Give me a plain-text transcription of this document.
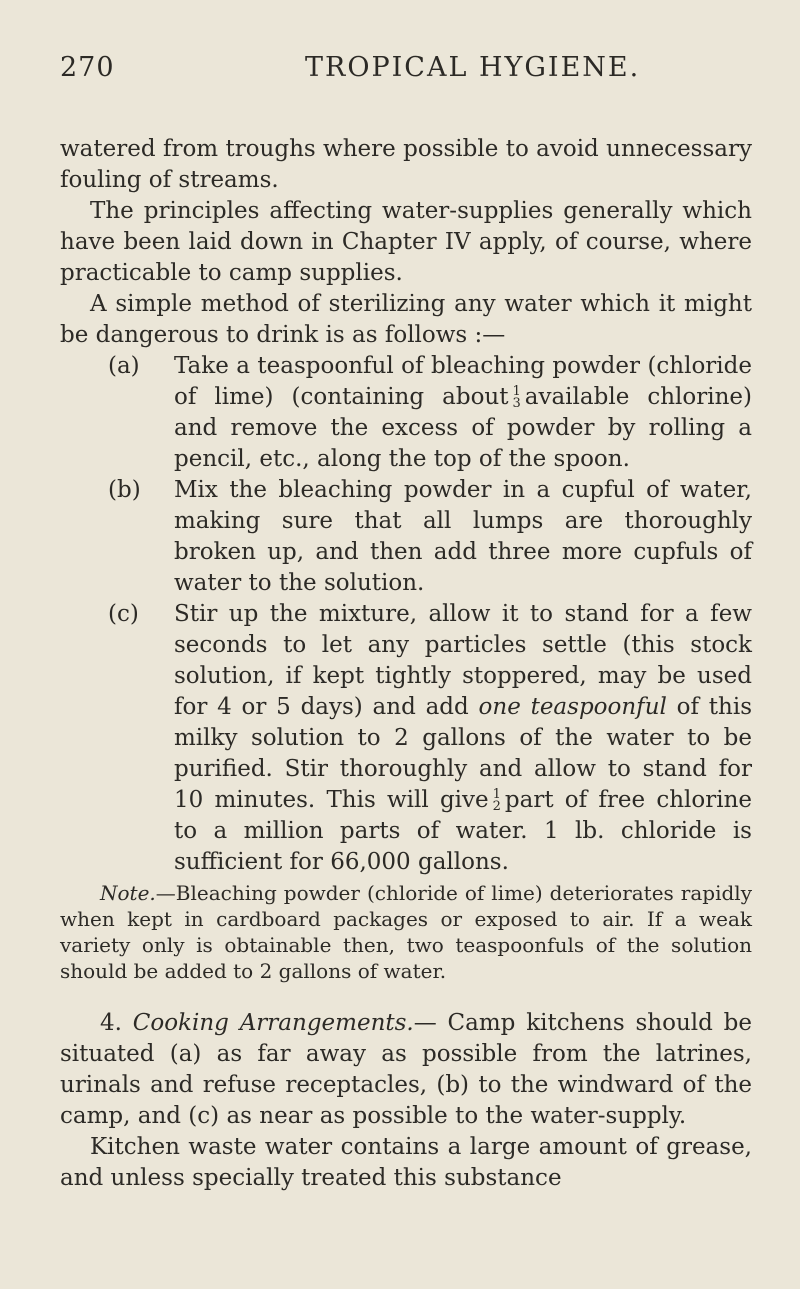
270	TROPICAL HYGIENE.

watered from troughs where possible to avoid unnecessary fouling of streams.

The principles affecting water-supplies generally which have been laid down in Chapter IV apply, of course, where practicable to camp supplies.

A simple method of sterilizing any water which it might be dangerous to drink is as follows :—

(a) Take a teaspoonful of bleaching powder (chloride of lime) (containing about 1
3 available chlorine) and remove the excess of powder by rolling a pencil, etc., along the top of the spoon.
(b) Mix the bleaching powder in a cupful of water, making sure that all lumps are thoroughly broken up, and then add three more cupfuls of water to the solution.
(c) Stir up the mixture, allow it to stand for a few seconds to let any particles settle (this stock solution, if kept tightly stoppered, may be used for 4 or 5 days) and add one teaspoonful of this milky solution to 2 gallons of the water to be purified. Stir thoroughly and allow to stand for 10 minutes. This will give 1
2 part of free chlorine to a million parts of water. 1 lb. chloride is sufficient for 66,000 gallons.

Note.—Bleaching powder (chloride of lime) deteriorates rapidly when kept in cardboard packages or exposed to air. If a weak variety only is obtainable then, two teaspoonfuls of the solution should be added to 2 gallons of water.

4. Cooking Arrangements.— Camp kitchens should be situated (a) as far away as possible from the latrines, urinals and refuse receptacles, (b) to the windward of the camp, and (c) as near as possible to the water-supply.

Kitchen waste water contains a large amount of grease, and unless specially treated this substance
